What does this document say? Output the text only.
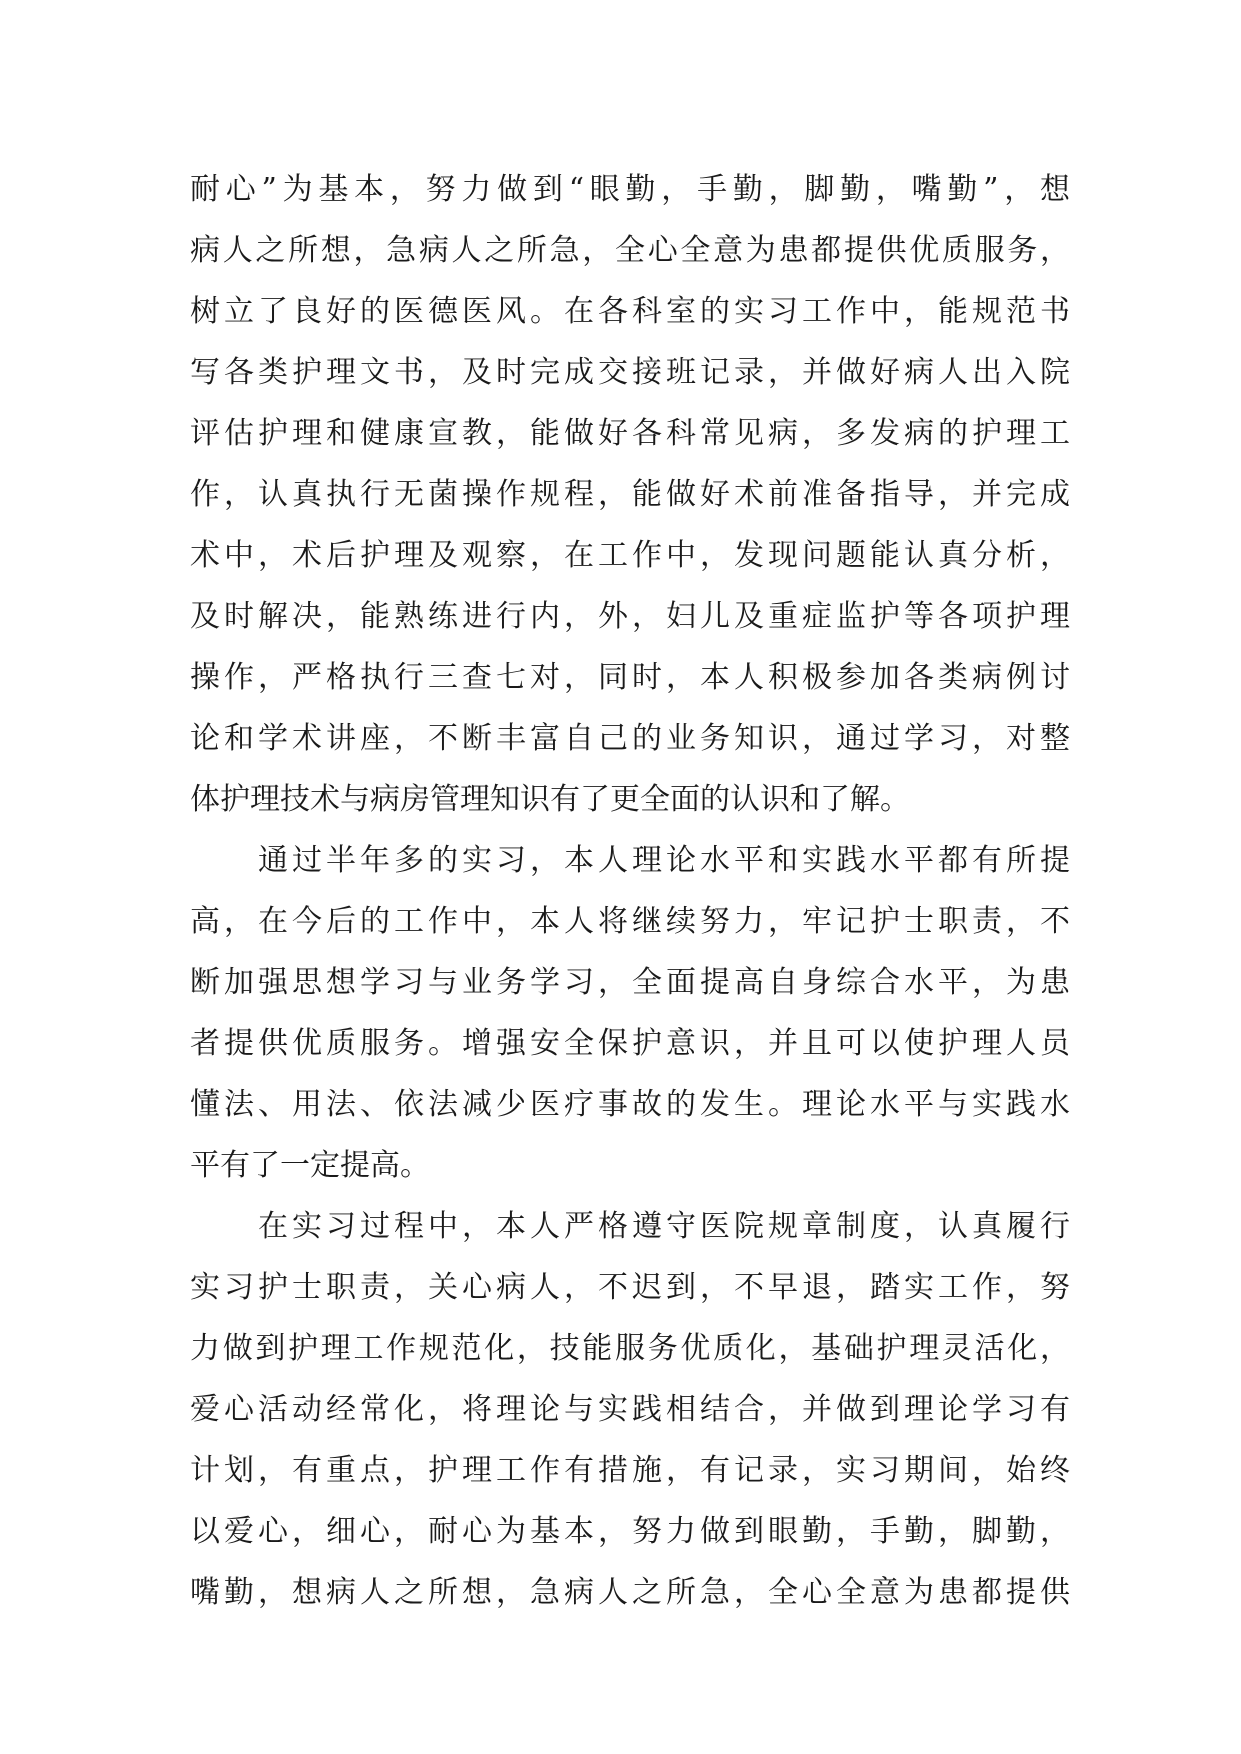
耐心”为基本，努力做到“眼勤，手勤，脚勤，嘴勤”，想
病人之所想，急病人之所急，全心全意为患都提供优质服务，
树立了良好的医德医风。在各科室的实习工作中，能规范书
写各类护理文书，及时完成交接班记录，并做好病人出入院
评估护理和健康宣教，能做好各科常见病，多发病的护理工
作，认真执行无菌操作规程，能做好术前准备指导，并完成
术中，术后护理及观察，在工作中，发现问题能认真分析，
及时解决，能熟练进行内，外，妇儿及重症监护等各项护理
操作，严格执行三查七对，同时，本人积极参加各类病例讨
论和学术讲座，不断丰富自己的业务知识，通过学习，对整
体护理技术与病房管理知识有了更全面的认识和了解。
　　通过半年多的实习，本人理论水平和实践水平都有所提
高，在今后的工作中，本人将继续努力，牢记护士职责，不
断加强思想学习与业务学习，全面提高自身综合水平，为患
者提供优质服务。增强安全保护意识，并且可以使护理人员
懂法、用法、依法减少医疗事故的发生。理论水平与实践水
平有了一定提高。
　　在实习过程中，本人严格遵守医院规章制度，认真履行
实习护士职责，关心病人，不迟到，不早退，踏实工作，努
力做到护理工作规范化，技能服务优质化，基础护理灵活化，
爱心活动经常化，将理论与实践相结合，并做到理论学习有
计划，有重点，护理工作有措施，有记录，实习期间，始终
以爱心，细心，耐心为基本，努力做到眼勤，手勤，脚勤，
嘴勤，想病人之所想，急病人之所急，全心全意为患都提供
